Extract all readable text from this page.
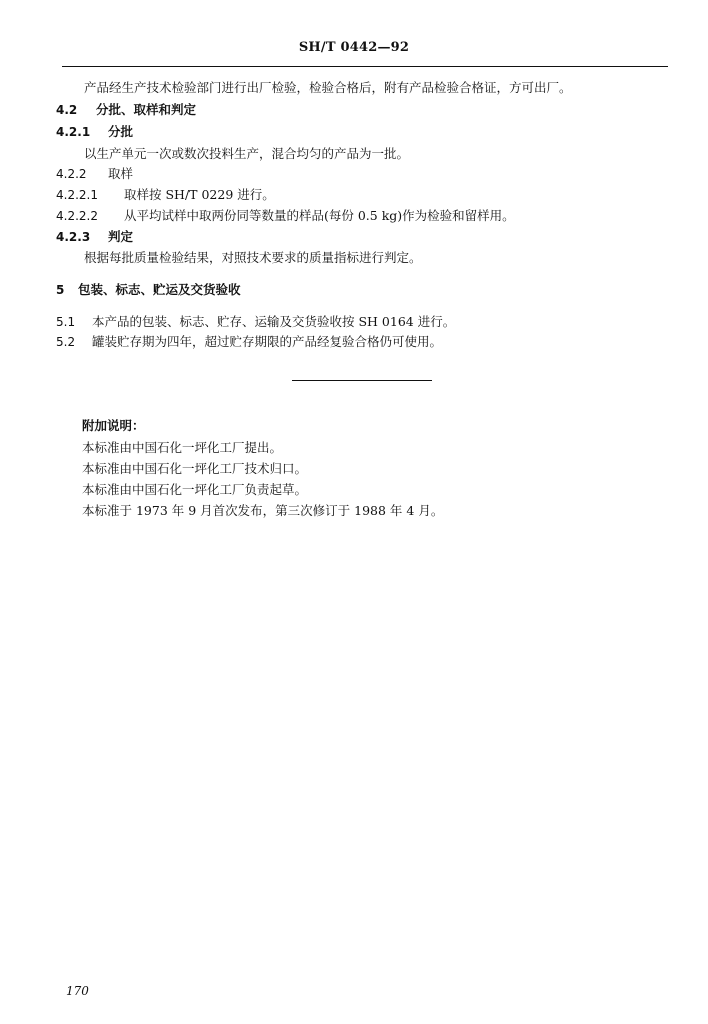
SH/T 0442—92
产品经生产技术检验部门进行出厂检验，检验合格后，附有产品检验合格证，方可出厂。
4.2 分批、取样和判定
4.2.1 分批
以生产单元一次或数次投料生产，混合均匀的产品为一批。
4.2.2 取样
4.2.2.1 取样按 SH/T 0229 进行。
4.2.2.2 从平均试样中取两份同等数量的样品(每份 0.5 kg)作为检验和留样用。
4.2.3 判定
根据每批质量检验结果，对照技术要求的质量指标进行判定。
5 包装、标志、贮运及交货验收
5.1 本产品的包装、标志、贮存、运输及交货验收按 SH 0164 进行。
5.2 罐装贮存期为四年，超过贮存期限的产品经复验合格仍可使用。
附加说明：
本标准由中国石化一坪化工厂提出。
本标准由中国石化一坪化工厂技术归口。
本标准由中国石化一坪化工厂负责起草。
本标准于 1973 年 9 月首次发布，第三次修订于 1988 年 4 月。
170
